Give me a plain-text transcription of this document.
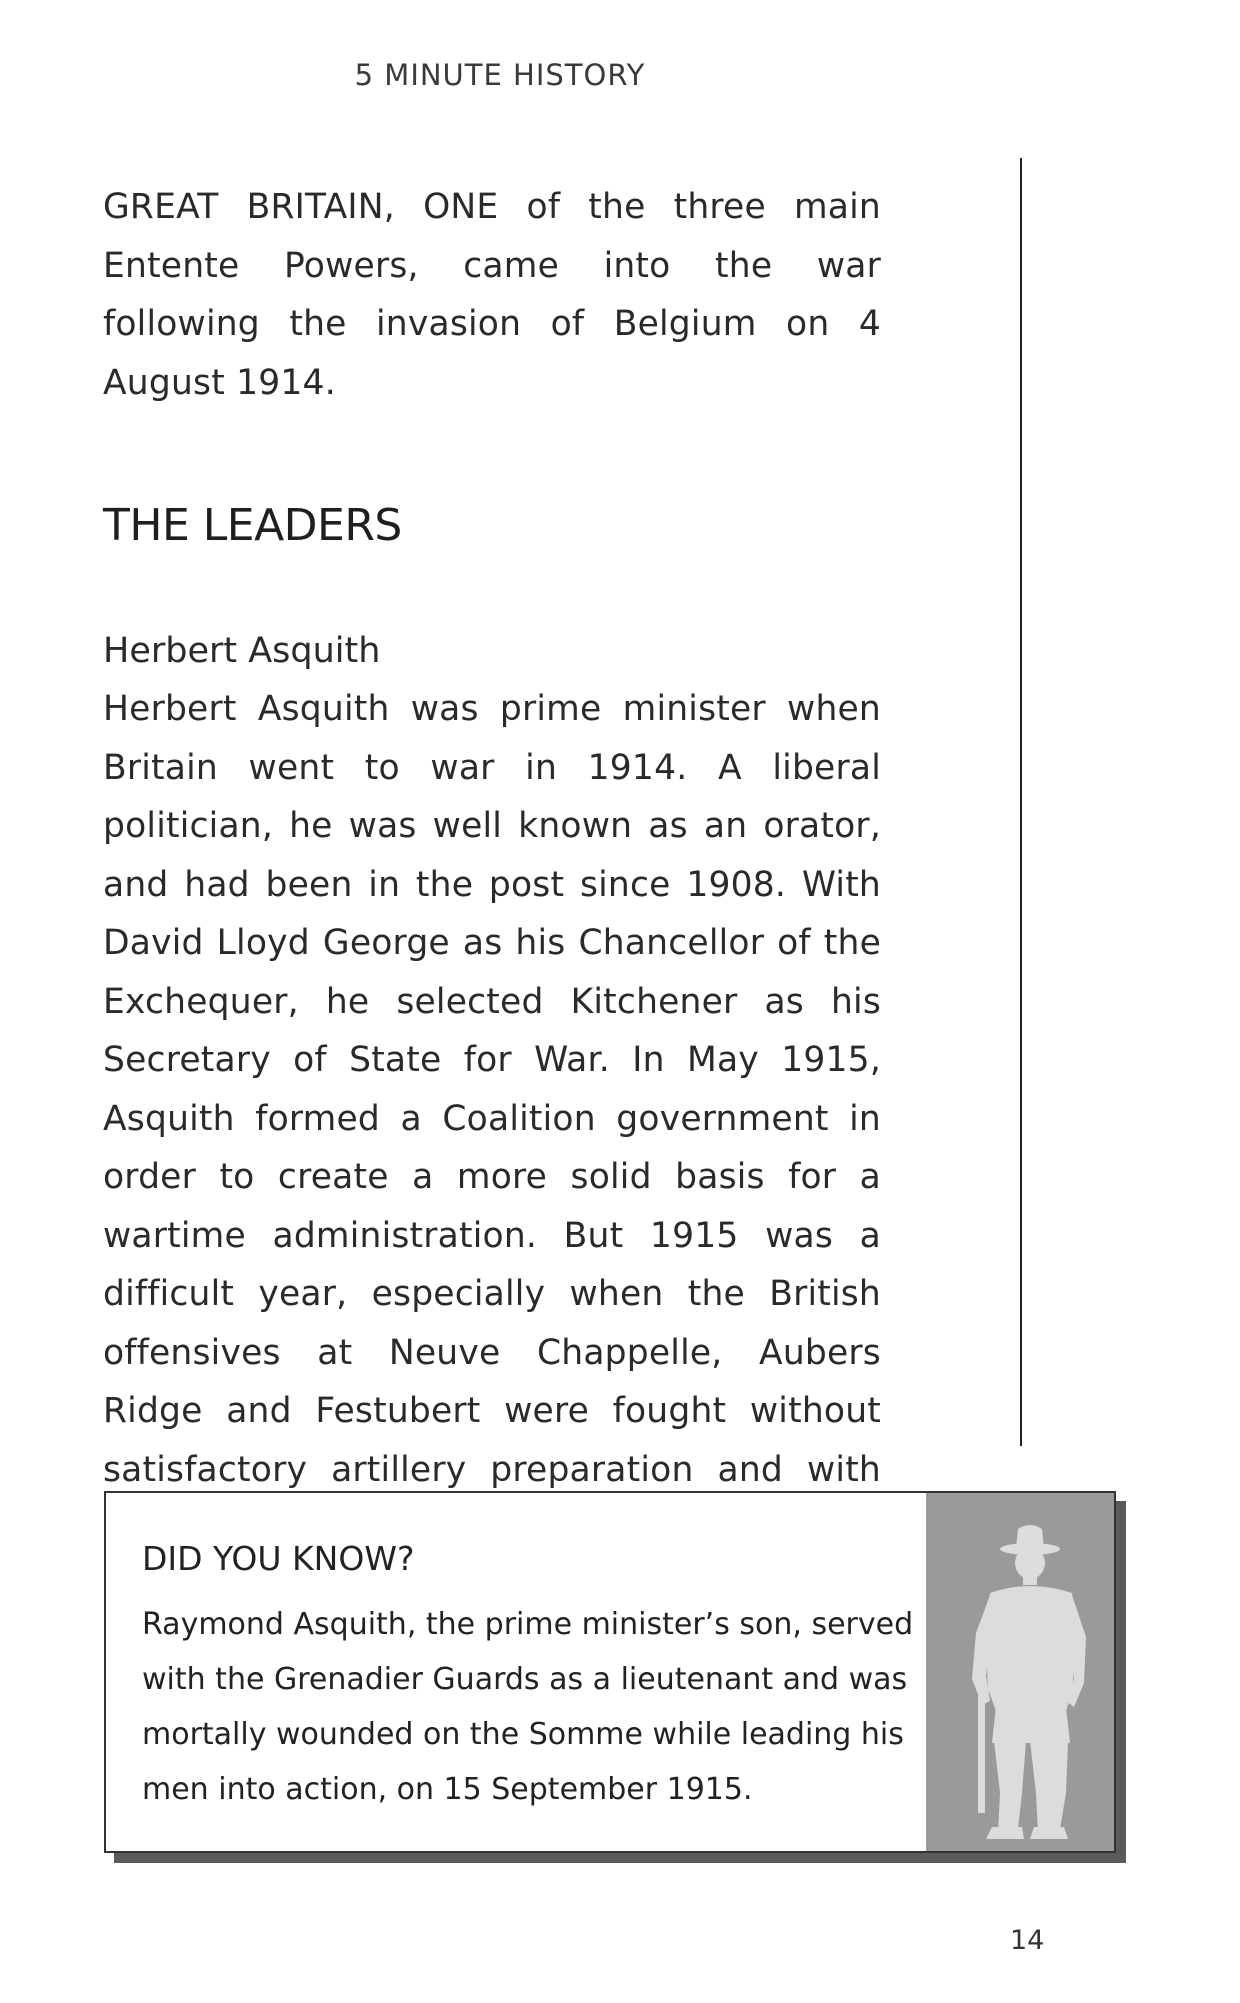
5 MINUTE HISTORY

GREAT BRITAIN, ONE of the three main Entente Powers, came into the war following the invasion of Belgium on 4 August 1914.

THE LEADERS
Herbert Asquith

Herbert Asquith was prime minister when Britain went to war in 1914. A liberal politician, he was well known as an orator, and had been in the post since 1908. With David Lloyd George as his Chancellor of the Exchequer, he selected Kitchener as his Secretary of State for War. In May 1915, Asquith formed a Coalition government in order to create a more solid basis for a wartime administration. But 1915 was a difficult year, especially when the British offensives at Neuve Chappelle, Aubers Ridge and Festubert were fought without satisfactory artillery preparation and with

DID YOU KNOW?

Raymond Asquith, the prime minister’s son, served with the Grenadier Guards as a lieutenant and was mortally wounded on the Somme while leading his men into action, on 15 September 1915.

14
